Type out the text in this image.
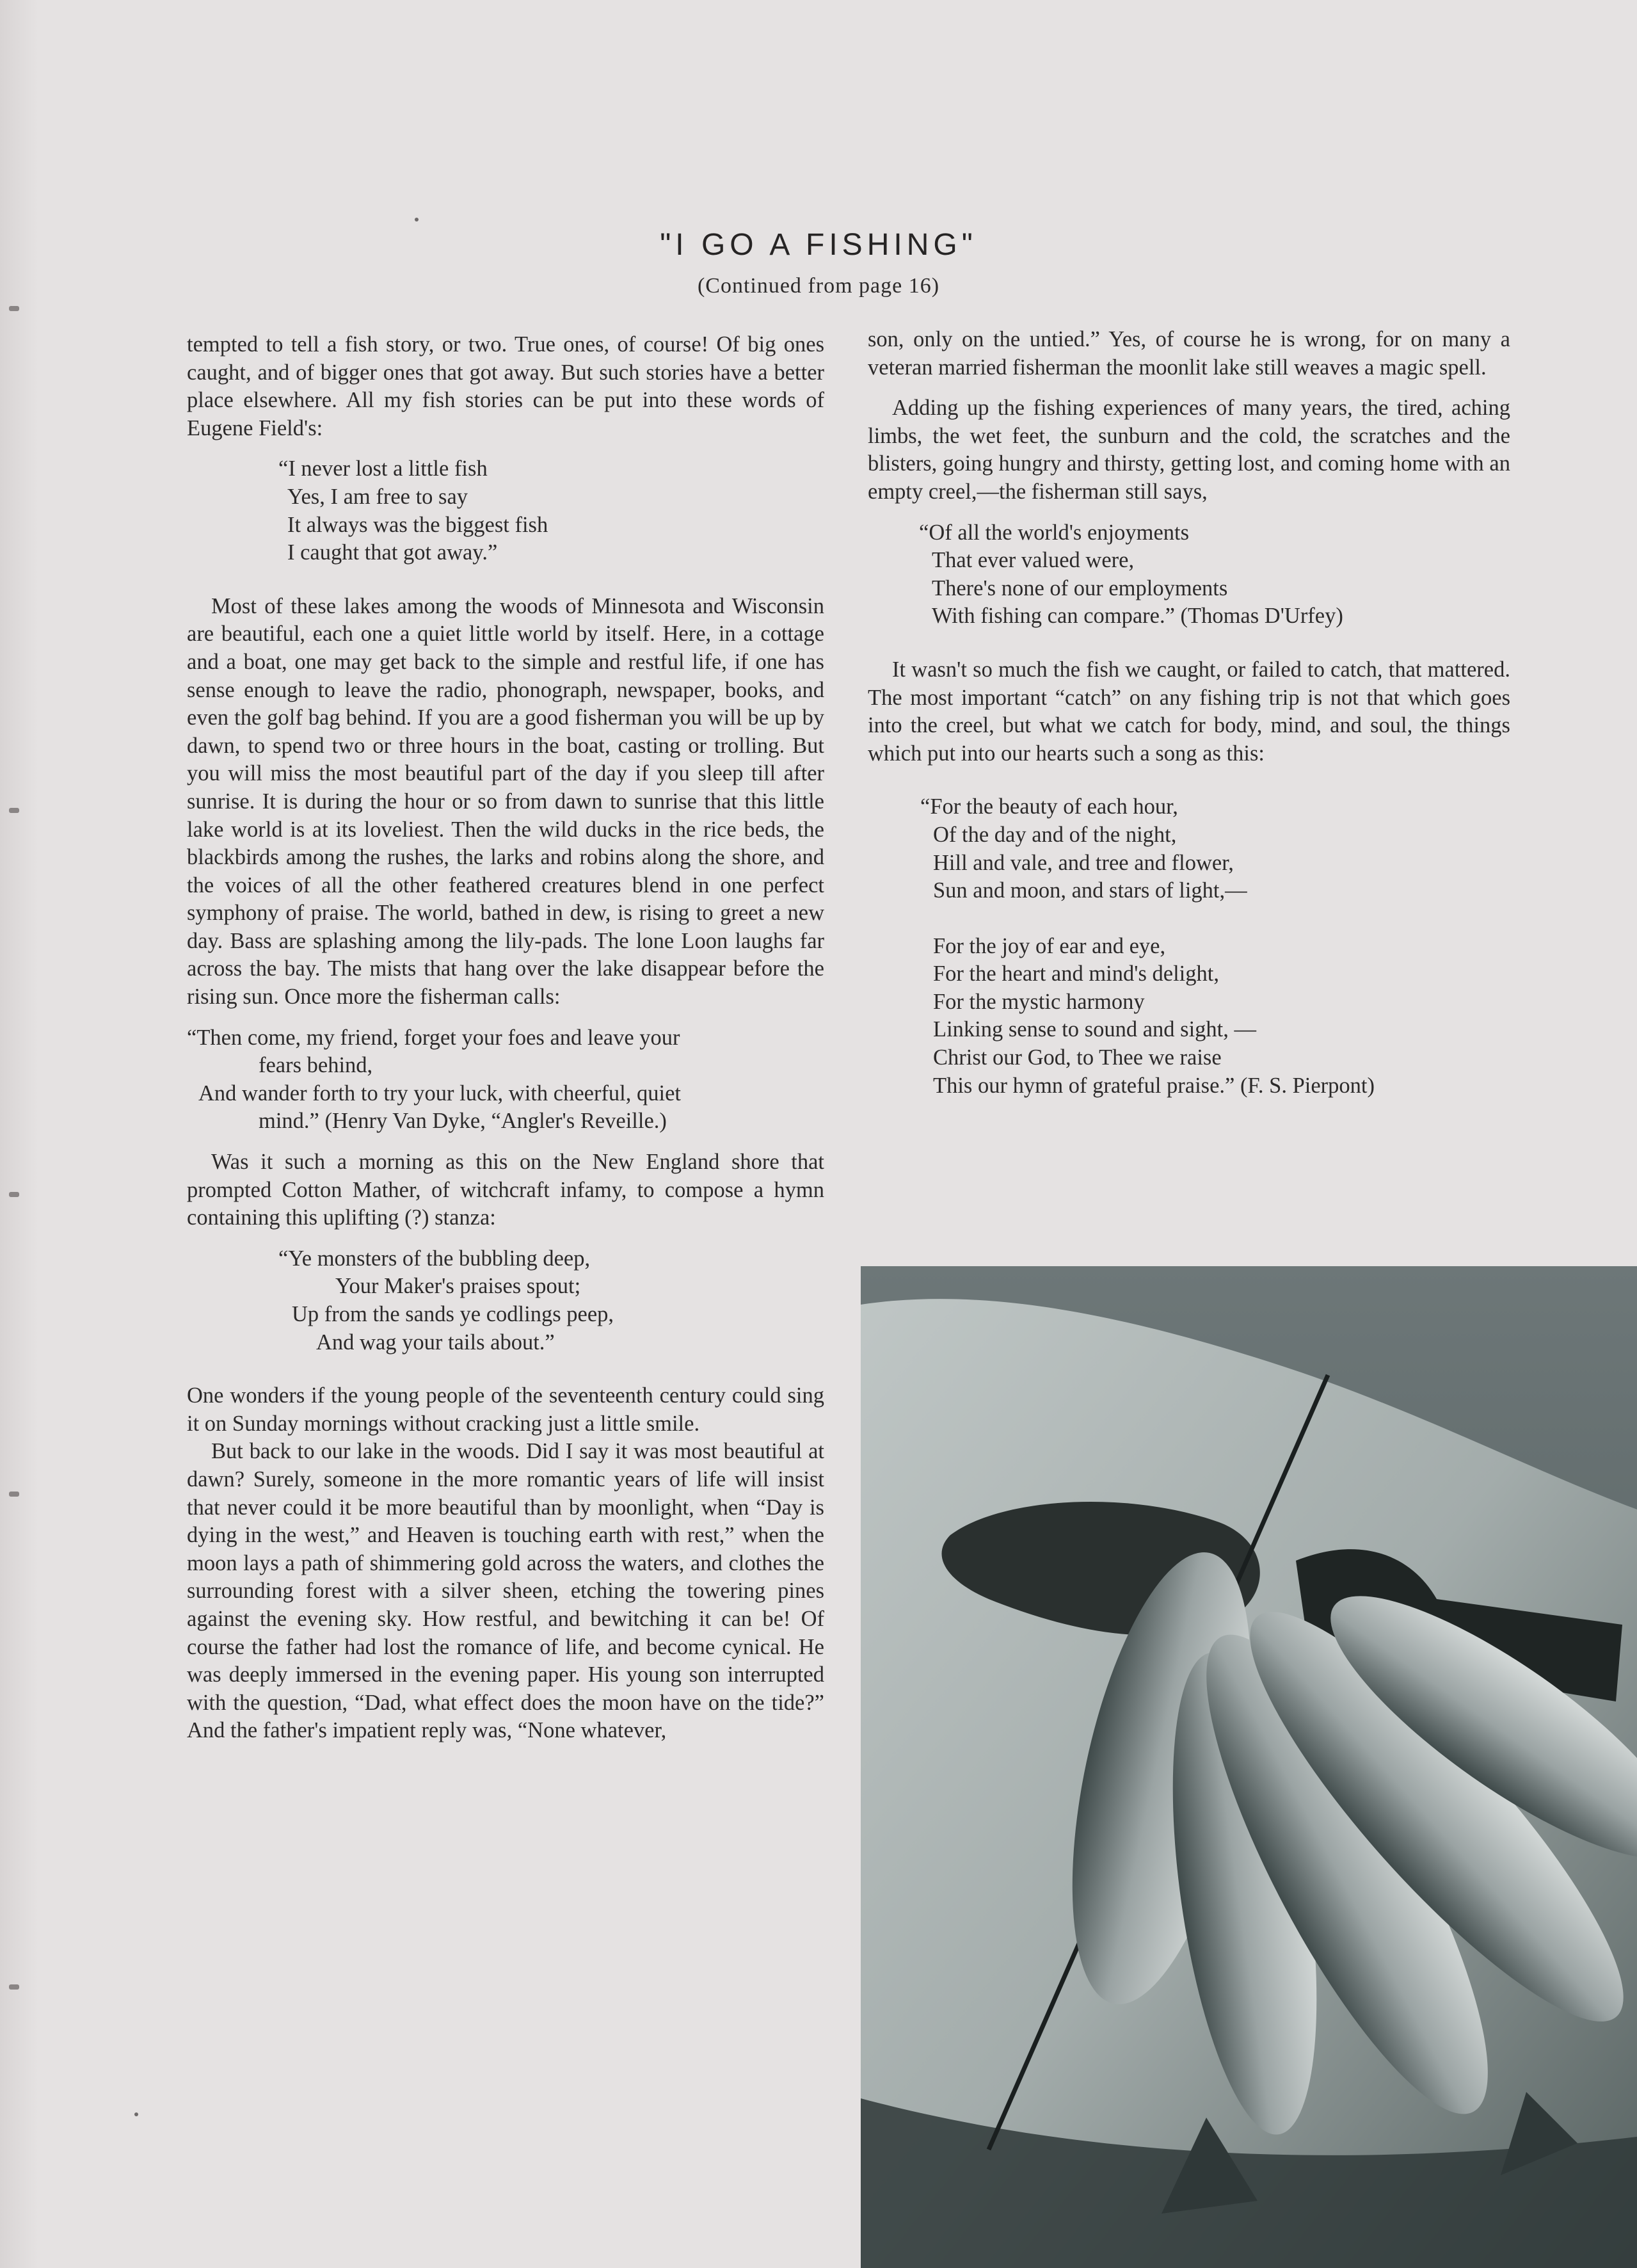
"I GO A FISHING"
(Continued from page 16)

tempted to tell a fish story, or two. True ones, of course! Of big ones caught, and of bigger ones that got away. But such stories have a better place elsewhere. All my fish stories can be put into these words of Eugene Field's:

“I never lost a little fish
Yes, I am free to say
It always was the biggest fish
I caught that got away.”

Most of these lakes among the woods of Minnesota and Wisconsin are beautiful, each one a quiet little world by itself. Here, in a cottage and a boat, one may get back to the simple and restful life, if one has sense enough to leave the radio, phonograph, newspaper, books, and even the golf bag behind. If you are a good fisherman you will be up by dawn, to spend two or three hours in the boat, casting or trolling. But you will miss the most beautiful part of the day if you sleep till after sunrise. It is during the hour or so from dawn to sunrise that this little lake world is at its loveliest. Then the wild ducks in the rice beds, the blackbirds among the rushes, the larks and robins along the shore, and the voices of all the other feathered creatures blend in one perfect symphony of praise. The world, bathed in dew, is rising to greet a new day. Bass are splashing among the lily-pads. The lone Loon laughs far across the bay. The mists that hang over the lake disappear before the rising sun. Once more the fisherman calls:

“Then come, my friend, forget your foes and leave your
fears behind,
And wander forth to try your luck, with cheerful, quiet
mind.” (Henry Van Dyke, “Angler's Reveille.)

Was it such a morning as this on the New England shore that prompted Cotton Mather, of witchcraft infamy, to compose a hymn containing this uplifting (?) stanza:

“Ye monsters of the bubbling deep,
Your Maker's praises spout;
Up from the sands ye codlings peep,
And wag your tails about.”

One wonders if the young people of the seventeenth century could sing it on Sunday mornings without cracking just a little smile.

But back to our lake in the woods. Did I say it was most beautiful at dawn? Surely, someone in the more romantic years of life will insist that never could it be more beautiful than by moonlight, when “Day is dying in the west,” and Heaven is touching earth with rest,” when the moon lays a path of shimmering gold across the waters, and clothes the surrounding forest with a silver sheen, etching the towering pines against the evening sky. How restful, and bewitching it can be! Of course the father had lost the romance of life, and become cynical. He was deeply immersed in the evening paper. His young son interrupted with the question, “Dad, what effect does the moon have on the tide?” And the father's impatient reply was, “None whatever,

son, only on the untied.” Yes, of course he is wrong, for on many a veteran married fisherman the moonlit lake still weaves a magic spell.

Adding up the fishing experiences of many years, the tired, aching limbs, the wet feet, the sunburn and the cold, the scratches and the blisters, going hungry and thirsty, getting lost, and coming home with an empty creel,—the fisherman still says,

“Of all the world's enjoyments
That ever valued were,
There's none of our employments
With fishing can compare.” (Thomas D'Urfey)

It wasn't so much the fish we caught, or failed to catch, that mattered. The most important “catch” on any fishing trip is not that which goes into the creel, but what we catch for body, mind, and soul, the things which put into our hearts such a song as this:

“For the beauty of each hour,
Of the day and of the night,
Hill and vale, and tree and flower,
Sun and moon, and stars of light,—
For the joy of ear and eye,
For the heart and mind's delight,
For the mystic harmony
Linking sense to sound and sight, —
Christ our God, to Thee we raise
This our hymn of grateful praise.” (F. S. Pierpont)
